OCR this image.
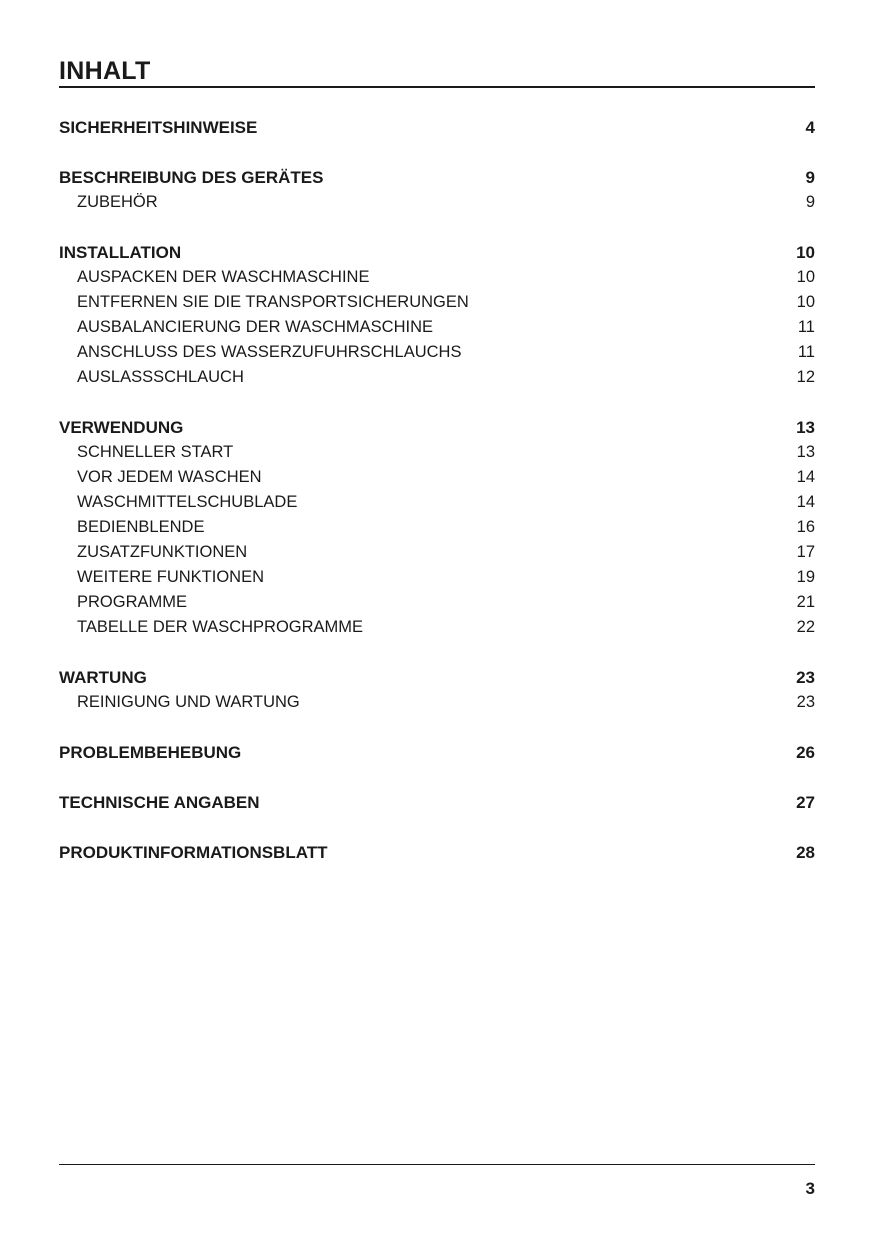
INHALT
SICHERHEITSHINWEISE	4
BESCHREIBUNG DES GERÄTES	9
ZUBEHÖR	9
INSTALLATION	10
AUSPACKEN DER WASCHMASCHINE	10
ENTFERNEN SIE DIE TRANSPORTSICHERUNGEN	10
AUSBALANCIERUNG DER WASCHMASCHINE	11
ANSCHLUSS DES WASSERZUFUHRSCHLAUCHS	11
AUSLASSSCHLAUCH	12
VERWENDUNG	13
SCHNELLER START	13
VOR JEDEM WASCHEN	14
WASCHMITTELSCHUBLADE	14
BEDIENBLENDE	16
ZUSATZFUNKTIONEN	17
WEITERE FUNKTIONEN	19
PROGRAMME	21
TABELLE DER WASCHPROGRAMME	22
WARTUNG	23
REINIGUNG UND WARTUNG	23
PROBLEMBEHEBUNG	26
TECHNISCHE ANGABEN	27
PRODUKTINFORMATIONSBLATT	28
3
